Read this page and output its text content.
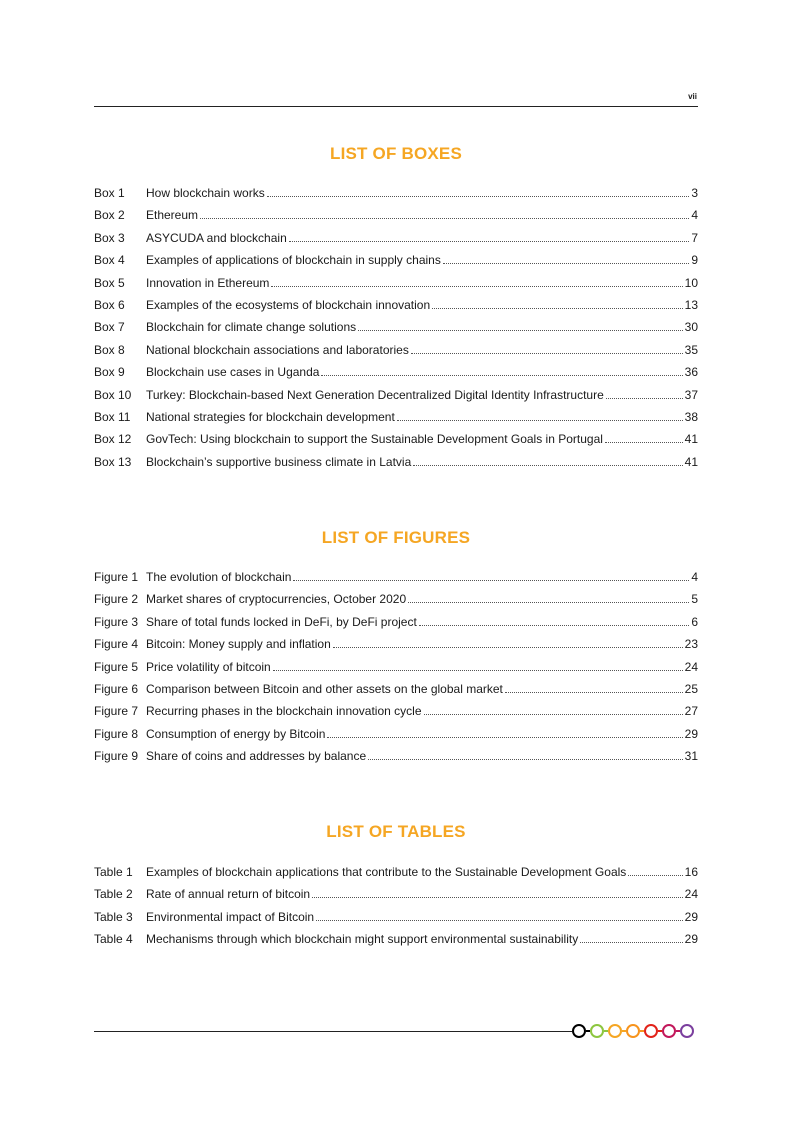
vii
LIST OF BOXES
Box 1	How blockchain works	3
Box 2	Ethereum	4
Box 3	ASYCUDA and blockchain	7
Box 4	Examples of applications of blockchain in supply chains	9
Box 5	Innovation in Ethereum	10
Box 6	Examples of the ecosystems of blockchain innovation	13
Box 7	Blockchain for climate change solutions	30
Box 8	National blockchain associations and laboratories	35
Box 9	Blockchain use cases in Uganda	36
Box 10	Turkey: Blockchain-based Next Generation Decentralized Digital Identity Infrastructure	37
Box 11	National strategies for blockchain development	38
Box 12	GovTech: Using blockchain to support the Sustainable Development Goals in Portugal	41
Box 13	Blockchain’s supportive business climate in Latvia	41
LIST OF FIGURES
Figure 1 The evolution of blockchain	4
Figure 2 Market shares of cryptocurrencies, October 2020	5
Figure 3 Share of total funds locked in DeFi, by DeFi project	6
Figure 4 Bitcoin: Money supply and inflation	23
Figure 5 Price volatility of bitcoin	24
Figure 6 Comparison between Bitcoin and other assets on the global market	25
Figure 7 Recurring phases in the blockchain innovation cycle	27
Figure 8 Consumption of energy by Bitcoin	29
Figure 9 Share of coins and addresses by balance	31
LIST OF TABLES
Table 1	Examples of blockchain applications that contribute to the Sustainable Development Goals	16
Table 2	Rate of annual return of bitcoin	24
Table 3	Environmental impact of Bitcoin	29
Table 4	Mechanisms through which blockchain might support environmental sustainability	29
